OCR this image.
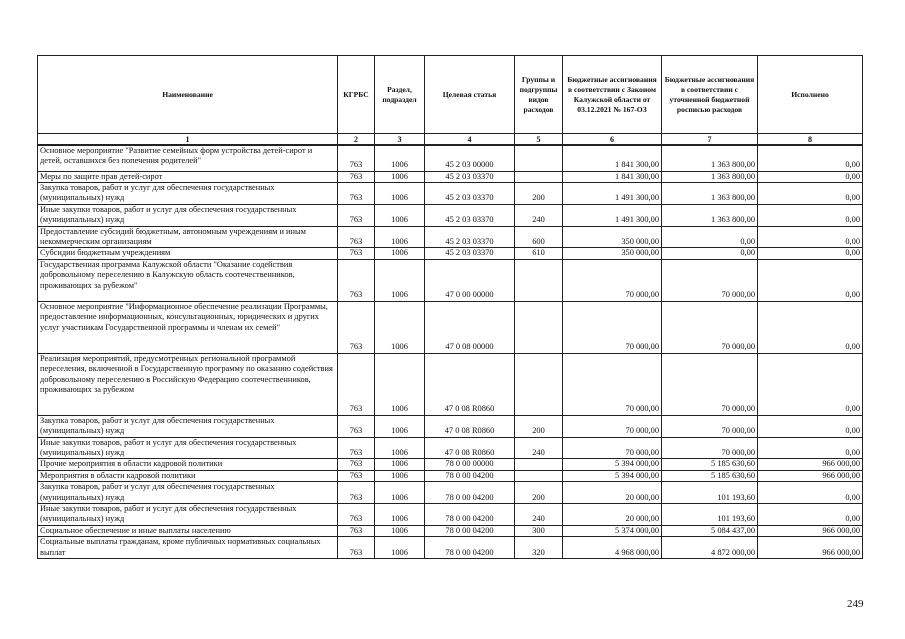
Наименование	КГРБС	Раздел, подраздел	Целевая статья	Группы и подгруппы видов расходов	Бюджетные ассигнования в соответствии с Законом Калужской области от 03.12.2021 № 167-ОЗ	Бюджетные ассигнования в соответствии с уточненной бюджетной росписью расходов	Исполнено
1	2	3	4	5	6	7	8
Основное мероприятие "Развитие семейных форм устройства детей-сирот и детей, оставшихся без попечения родителей"	763	1006	45 2 03 00000		1 841 300,00	1 363 800,00	0,00
Меры по защите прав детей-сирот	763	1006	45 2 03 03370		1 841 300,00	1 363 800,00	0,00
Закупка товаров, работ и услуг для обеспечения государственных (муниципальных) нужд	763	1006	45 2 03 03370	200	1 491 300,00	1 363 800,00	0,00
Иные закупки товаров, работ и услуг для обеспечения государственных (муниципальных) нужд	763	1006	45 2 03 03370	240	1 491 300,00	1 363 800,00	0,00
Предоставление субсидий бюджетным, автономным учреждениям и иным некоммерческим организациям	763	1006	45 2 03 03370	600	350 000,00	0,00	0,00
Субсидии бюджетным учреждениям	763	1006	45 2 03 03370	610	350 000,00	0,00	0,00
Государственная программа Калужской области "Оказание содействия добровольному переселению в Калужскую область соотечественников, проживающих за рубежом"	763	1006	47 0 00 00000		70 000,00	70 000,00	0,00
Основное мероприятие "Информационное обеспечение реализации Программы, предоставление информационных, консультационных, юридических и других услуг участникам Государственной программы и членам их семей"	763	1006	47 0 08 00000		70 000,00	70 000,00	0,00
Реализация мероприятий, предусмотренных региональной программой переселения, включенной в Государственную программу по оказанию содействия добровольному переселению в Российскую Федерацию соотечественников, проживающих за рубежом	763	1006	47 0 08 R0860		70 000,00	70 000,00	0,00
Закупка товаров, работ и услуг для обеспечения государственных (муниципальных) нужд	763	1006	47 0 08 R0860	200	70 000,00	70 000,00	0,00
Иные закупки товаров, работ и услуг для обеспечения государственных (муниципальных) нужд	763	1006	47 0 08 R0860	240	70 000,00	70 000,00	0,00
Прочие мероприятия в области кадровой политики	763	1006	78 0 00 00000		5 394 000,00	5 185 630,60	966 000,00
Мероприятия в области кадровой политики	763	1006	78 0 00 04200		5 394 000,00	5 185 630,60	966 000,00
Закупка товаров, работ и услуг для обеспечения государственных (муниципальных) нужд	763	1006	78 0 00 04200	200	20 000,00	101 193,60	0,00
Иные закупки товаров, работ и услуг для обеспечения государственных (муниципальных) нужд	763	1006	78 0 00 04200	240	20 000,00	101 193,60	0,00
Социальное обеспечение и иные выплаты населению	763	1006	78 0 00 04200	300	5 374 000,00	5 084 437,00	966 000,00
Социальные выплаты гражданам, кроме публичных нормативных социальных выплат	763	1006	78 0 00 04200	320	4 968 000,00	4 872 000,00	966 000,00
249
